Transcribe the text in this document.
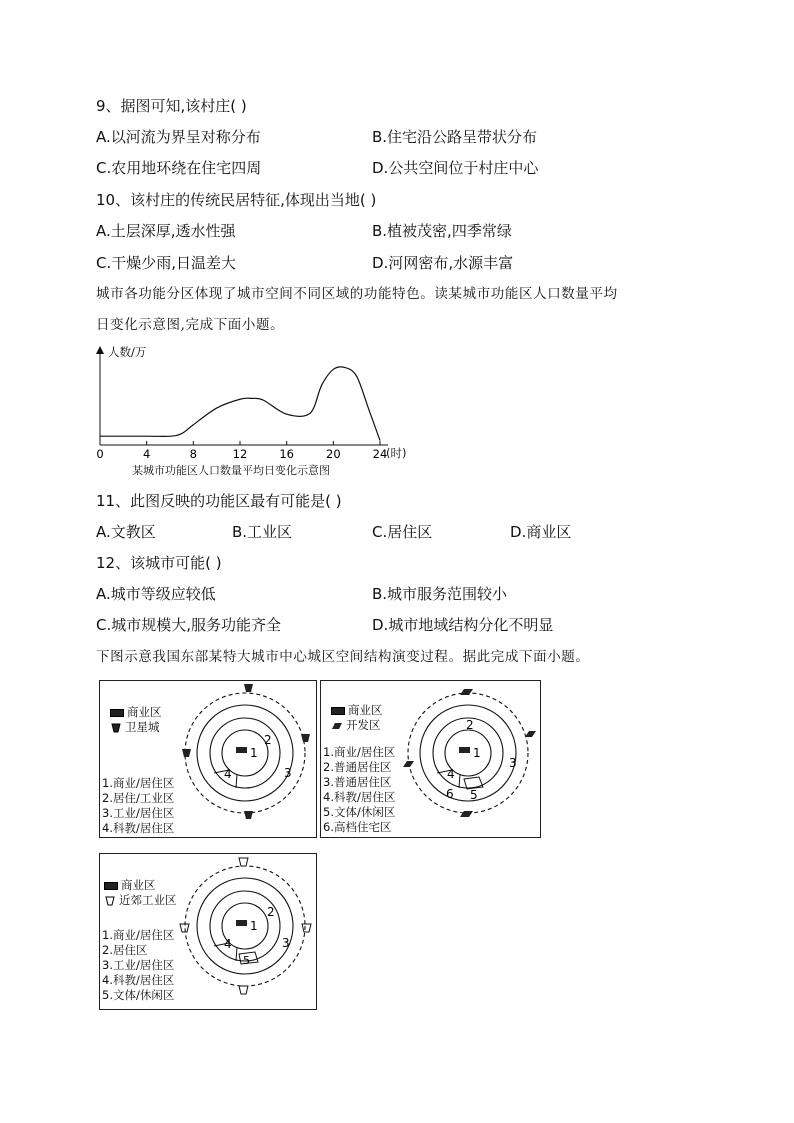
9、据图可知,该村庄( )
A.以河流为界呈对称分布	B.住宅沿公路呈带状分布
C.农用地环绕在住宅四周	D.公共空间位于村庄中心
10、该村庄的传统民居特征,体现出当地( )
A.土层深厚,透水性强	B.植被茂密,四季常绿
C.干燥少雨,日温差大	D.河网密布,水源丰富
城市各功能分区体现了城市空间不同区域的功能特色。读某城市功能区人口数量平均
日变化示意图,完成下面小题。
人数/万
(时)
0	4	8	12	16	20	24
某城市功能区人口数量平均日变化示意图
11、此图反映的功能区最有可能是( )
A.文教区	B.工业区	C.居住区	D.商业区
12、该城市可能( )
A.城市等级应较低	B.城市服务范围较小
C.城市规模大,服务功能齐全	D.城市地域结构分化不明显
下图示意我国东部某特大城市中心城区空间结构演变过程。据此完成下面小题。
商业区
卫星城
1.商业/居住区
2.居住/工业区
3.工业/居住区
4.科教/居住区
1
2
3
4
商业区
开发区
1.商业/居住区
2.普通居住区
3.普通居住区
4.科教/居住区
5.文体/休闲区
6.高档住宅区
1
2
3
4
5
6
商业区
近郊工业区
1.商业/居住区
2.居住区
3.工业/居住区
4.科教/居住区
5.文体/休闲区
1
2
3
4
5
